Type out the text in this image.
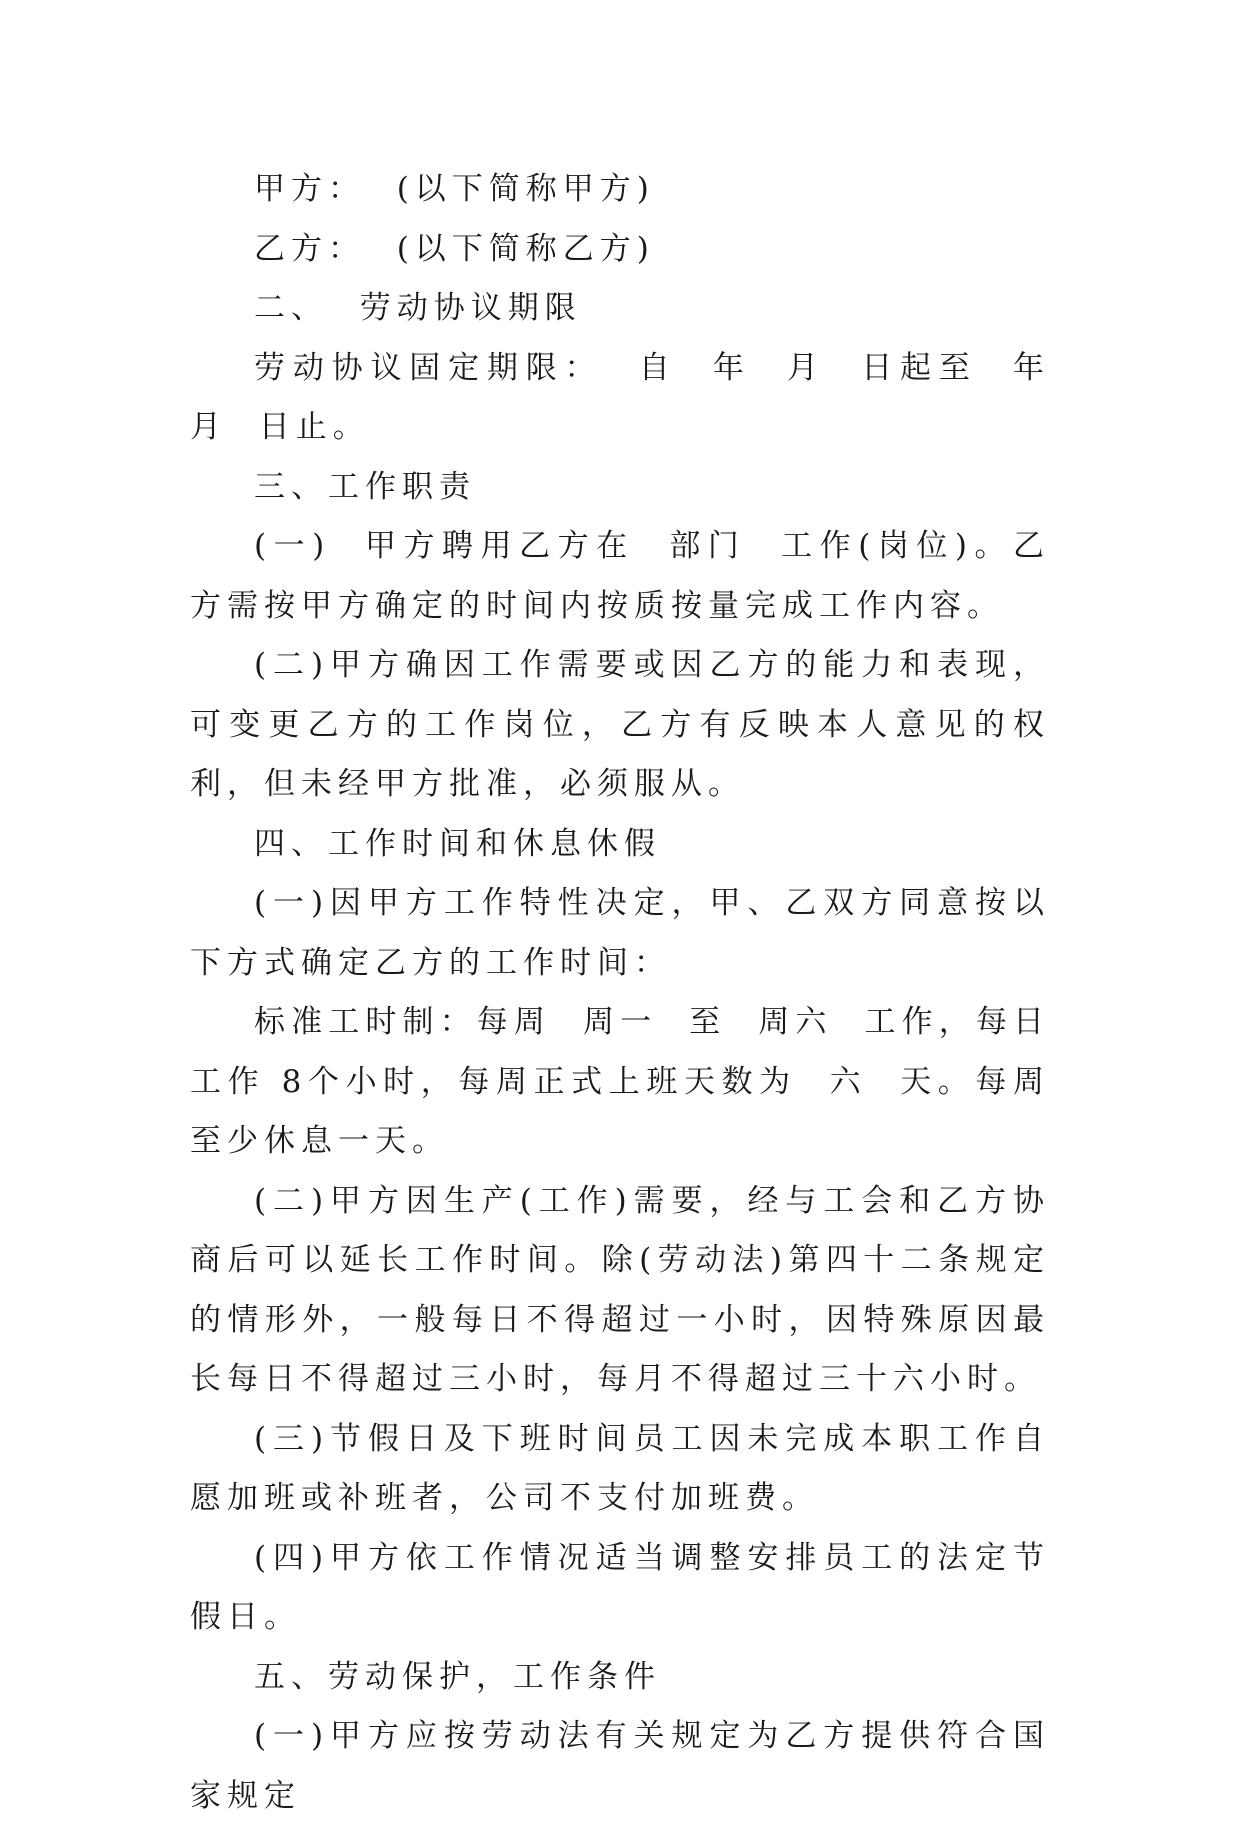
甲方：  (以下简称甲方)

乙方：  (以下简称乙方)

二、  劳动协议期限

劳动协议固定期限：  自  年  月  日起至  年  月  日止。

三、工作职责

(一)  甲方聘用乙方在  部门  工作(岗位)。乙方需按甲方确定的时间内按质按量完成工作内容。

(二)甲方确因工作需要或因乙方的能力和表现，可变更乙方的工作岗位，乙方有反映本人意见的权利，但未经甲方批准，必须服从。

四、工作时间和休息休假

(一)因甲方工作特性决定，甲、乙双方同意按以下方式确定乙方的工作时间：

标准工时制：每周  周一  至  周六  工作，每日工作 8个小时，每周正式上班天数为  六  天。每周至少休息一天。

(二)甲方因生产(工作)需要，经与工会和乙方协商后可以延长工作时间。除(劳动法)第四十二条规定的情形外，一般每日不得超过一小时，因特殊原因最长每日不得超过三小时，每月不得超过三十六小时。

(三)节假日及下班时间员工因未完成本职工作自愿加班或补班者，公司不支付加班费。

(四)甲方依工作情况适当调整安排员工的法定节假日。

五、劳动保护，工作条件

(一)甲方应按劳动法有关规定为乙方提供符合国家规定
